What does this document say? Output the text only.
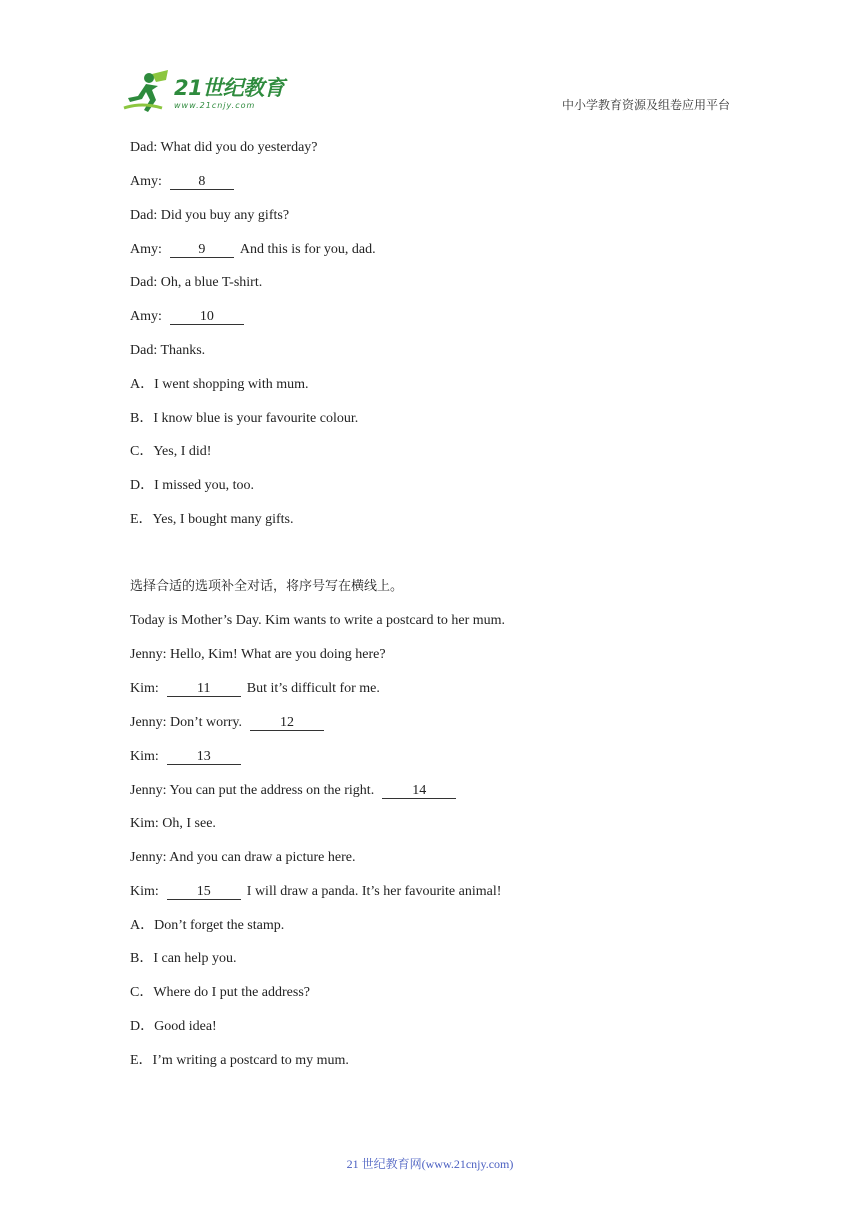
21世纪教育
www.21cnjy.com	中小学教育资源及组卷应用平台
Dad: What did you do yesterday?
Amy:	8
Dad: Did you buy any gifts?
Amy:	9 And this is for you, dad.
Dad: Oh, a blue T-shirt.
Amy:	10
Dad: Thanks.
A．I went shopping with mum.
B．I know blue is your favourite colour.
C．Yes, I did!
D．I missed you, too.
E．Yes, I bought many gifts.
选择合适的选项补全对话，将序号写在横线上。
Today is Mother’s Day. Kim wants to write a postcard to her mum.
Jenny: Hello, Kim! What are you doing here?
Kim:	11	But it’s difficult for me.
Jenny: Don’t worry.	12
Kim:	13
Jenny: You can put the address on the right.	14
Kim: Oh, I see.
Jenny: And you can draw a picture here.
Kim:	15	I will draw a panda. It’s her favourite animal!
A．Don’t forget the stamp.
B．I can help you.
C．Where do I put the address?
D．Good idea!
E．I’m writing a postcard to my mum.
21 世纪教育网(www.21cnjy.com)
